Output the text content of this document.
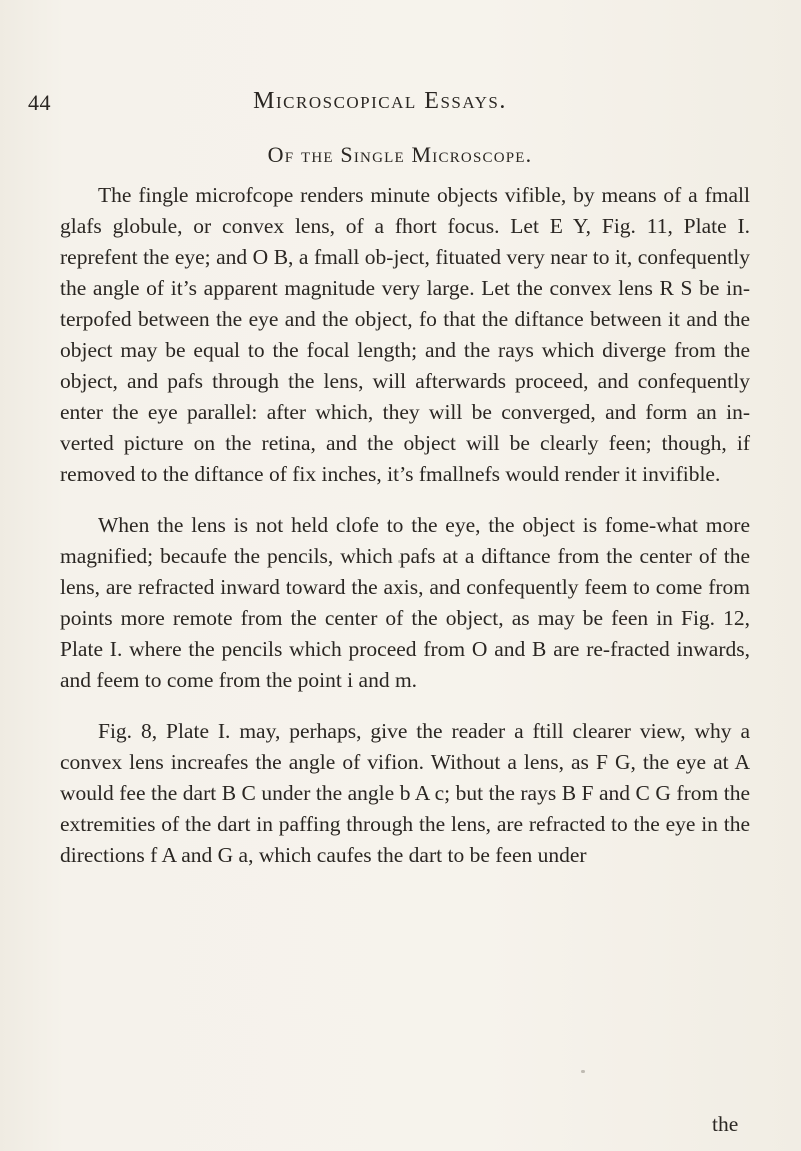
44	Microscopical Essays.
Of the Single Microscope.

The fingle microfcope renders minute objects vifible, by means of a fmall glafs globule, or convex lens, of a fhort focus. Let E Y, Fig. 11, Plate I. reprefent the eye; and O B, a fmall ob-ject, fituated very near to it, confequently the angle of it’s apparent magnitude very large. Let the convex lens R S be in-terpofed between the eye and the object, fo that the diftance between it and the object may be equal to the focal length; and the rays which diverge from the object, and pafs through the lens, will afterwards proceed, and confequently enter the eye parallel: after which, they will be converged, and form an in-verted picture on the retina, and the object will be clearly feen; though, if removed to the diftance of fix inches, it’s fmallnefs would render it invifible.

When the lens is not held clofe to the eye, the object is fome-what more magnified; becaufe the pencils, which pafs at a diftance from the center of the lens, are refracted inward toward the axis, and confequently feem to come from points more remote from the center of the object, as may be feen in Fig. 12, Plate I. where the pencils which proceed from O and B are re-fracted inwards, and feem to come from the point i and m.

Fig. 8, Plate I. may, perhaps, give the reader a ftill clearer view, why a convex lens increafes the angle of vifion. Without a lens, as F G, the eye at A would fee the dart B C under the angle b A c; but the rays B F and C G from the extremities of the dart in paffing through the lens, are refracted to the eye in the directions f A and G a, which caufes the dart to be feen under

the
